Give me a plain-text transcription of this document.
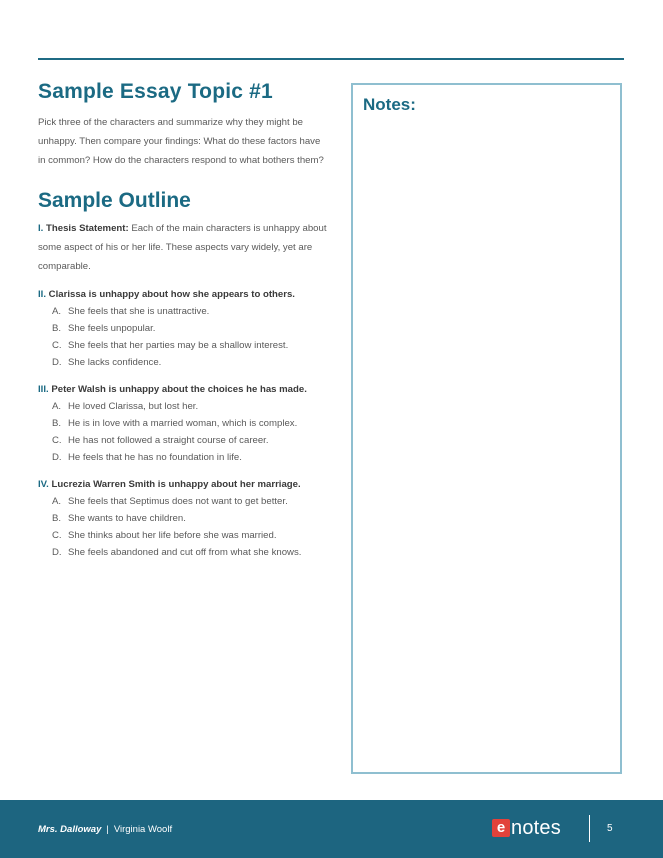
Sample Essay Topic #1

Pick three of the characters and summarize why they might be unhappy. Then compare your findings: What do these factors have in common? How do the characters respond to what bothers them?

Sample Outline

I. Thesis Statement: Each of the main characters is unhappy about some aspect of his or her life. These aspects vary widely, yet are comparable.

II. Clarissa is unhappy about how she appears to others.

A. She feels that she is unattractive.
B. She feels unpopular.
C. She feels that her parties may be a shallow interest.
D. She lacks confidence.

III. Peter Walsh is unhappy about the choices he has made.

A. He loved Clarissa, but lost her.
B. He is in love with a married woman, which is complex.
C. He has not followed a straight course of career.
D. He feels that he has no foundation in life.

IV. Lucrezia Warren Smith is unhappy about her marriage.

A. She feels that Septimus does not want to get better.
B. She wants to have children.
C. She thinks about her life before she was married.
D. She feels abandoned and cut off from what she knows.
Notes:
Mrs. Dalloway | Virginia Woolf	e notes	5
